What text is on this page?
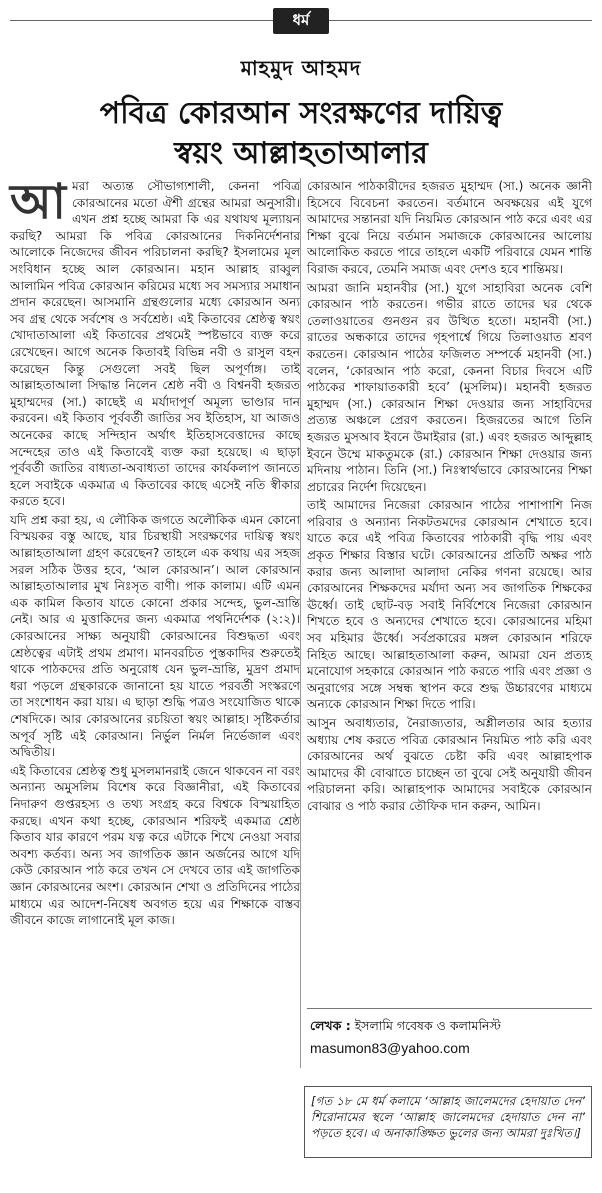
ধর্ম
মাহমুদ আহমদ
পবিত্র কোরআন সংরক্ষণের দায়িত্ব
স্বয়ং আল্লাহতাআলার

আ মরা অত্যন্ত সৌভাগ্যশালী, কেননা পবিত্র কোরআনের মতো ঐশী গ্রন্থের আমরা অনুসারী। এখন প্রশ্ন হচ্ছে আমরা কি এর যথাযথ মূল্যায়ন করছি? আমরা কি পবিত্র কোরআনের দিকনির্দেশনার আলোকে নিজেদের জীবন পরিচালনা করছি? ইসলামের মূল সংবিধান হচ্ছে আল কোরআন। মহান আল্লাহ রাব্বুল আলামিন পবিত্র কোরআন করিমের মধ্যে সব সমস্যার সমাধান প্রদান করেছেন। আসমানি গ্রন্থগুলোর মধ্যে কোরআন অন্য সব গ্রন্থ থেকে সর্বশেষ ও সর্বশ্রেষ্ঠ। এই কিতাবের শ্রেষ্ঠত্ব স্বয়ং খোদাতাআলা এই কিতাবের প্রথমেই স্পষ্টভাবে ব্যক্ত করে রেখেছেন। আগে অনেক কিতাবই বিভিন্ন নবী ও রাসুল বহন করেছেন কিন্তু সেগুলো সবই ছিল অপূর্ণাঙ্গ। তাই আল্লাহতাআলা সিদ্ধান্ত নিলেন শ্রেষ্ঠ নবী ও বিশ্বনবী হজরত মুহাম্মদের (সা.) কাছেই এ মর্যাদাপূর্ণ অমূল্য ভাণ্ডার দান করবেন। এই কিতাব পূর্ববর্তী জাতির সব ইতিহাস, যা আজও অনেকের কাছে সন্দিহান অর্থাৎ ইতিহাসবেত্তাদের কাছে সন্দেহের তাও এই কিতাবেই ব্যক্ত করা হয়েছে। এ ছাড়া পূর্ববর্তী জাতির বাধ্যতা-অবাধ্যতা তাদের কার্যকলাপ জানতে হলে সবাইকে একমাত্র এ কিতাবের কাছে এসেই নতি স্বীকার করতে হবে।

যদি প্রশ্ন করা হয়, এ লৌকিক জগতে অলৌকিক এমন কোনো বিস্ময়কর বস্তু আছে, যার চিরস্থায়ী সংরক্ষণের দায়িত্ব স্বয়ং আল্লাহতাআলা গ্রহণ করেছেন? তাহলে এক কথায় এর সহজ সরল সঠিক উত্তর হবে, ‘আল কোরআন’। আল কোরআন আল্লাহতাআলার মুখ নিঃসৃত বাণী। পাক কালাম। এটি এমন এক কামিল কিতাব যাতে কোনো প্রকার সন্দেহ, ভুল-ভ্রান্তি নেই। আর এ মুত্তাকিদের জন্য একমাত্র পথনির্দেশক (২:২)। কোরআনের সাক্ষ্য অনুযায়ী কোরআনের বিশুদ্ধতা এবং শ্রেষ্ঠত্বের এটাই প্রথম প্রমাণ। মানবরচিত পুস্তকাদির শুরুতেই থাকে পাঠকদের প্রতি অনুরোধ যেন ভুল-ভ্রান্তি, মুদ্রণ প্রমাদ ধরা পড়লে গ্রন্থকারকে জানানো হয় যাতে পরবর্তী সংস্করণে তা সংশোধন করা যায়। এ ছাড়া শুদ্ধি পত্রও সংযোজিত থাকে শেষদিকে। আর কোরআনের রচয়িতা স্বয়ং আল্লাহ। সৃষ্টিকর্তার অপূর্ব সৃষ্টি এই কোরআন। নির্ভুল নির্মল নির্ভেজাল এবং অদ্বিতীয়।

এই কিতাবের শ্রেষ্ঠত্ব শুধু মুসলমানরাই জেনে থাকবেন না বরং অন্যান্য অমুসলিম বিশেষ করে বিজ্ঞানীরা, এই কিতাবের নিদারুণ গুপ্তরহস্য ও তথ্য সংগ্রহ করে বিশ্বকে বিস্ময়াহিত করছে। এখন কথা হচ্ছে, কোরআন শরিফই একমাত্র শ্রেষ্ঠ কিতাব যার কারণে পরম যত্ন করে এটাকে শিখে নেওয়া সবার অবশ্য কর্তব্য। অন্য সব জাগতিক জ্ঞান অর্জনের আগে যদি কেউ কোরআন পাঠ করে তখন সে দেখবে তার এই জাগতিক জ্ঞান কোরআনের অংশ। কোরআন শেখা ও প্রতিদিনের পাঠের মাধ্যমে এর আদেশ-নিষেধ অবগত হয়ে এর শিক্ষাকে বাস্তব জীবনে কাজে লাগানোই মূল কাজ।

কোরআন পাঠকারীদের হজরত মুহাম্মদ (সা.) অনেক জ্ঞানী হিসেবে বিবেচনা করতেন। বর্তমানে অবক্ষয়ের এই যুগে আমাদের সন্তানরা যদি নিয়মিত কোরআন পাঠ করে এবং এর শিক্ষা বুঝে নিয়ে বর্তমান সমাজকে কোরআনের আলোয় আলোকিত করতে পারে তাহলে একটি পরিবারে যেমন শান্তি বিরাজ করবে, তেমনি সমাজ এবং দেশও হবে শান্তিময়।

আমরা জানি মহানবীর (সা.) যুগে সাহাবিরা অনেক বেশি কোরআন পাঠ করতেন। গভীর রাতে তাদের ঘর থেকে তেলাওয়াতের গুনগুন রব উত্থিত হতো। মহানবী (সা.) রাতের অন্ধকারে তাদের গৃহপার্শ্বে গিয়ে তিলাওয়াত শ্রবণ করতেন। কোরআন পাঠের ফজিলত সম্পর্কে মহানবী (সা.) বলেন, ‘কোরআন পাঠ করো, কেননা বিচার দিবসে এটি পাঠকের শাফায়াতকারী হবে’ (মুসলিম)। মহানবী হজরত মুহাম্মদ (সা.) কোরআন শিক্ষা দেওয়ার জন্য সাহাবিদের প্রত্যন্ত অঞ্চলে প্রেরণ করতেন। হিজরতের আগে তিনি হজরত মুসআব ইবনে উমাইরার (রা.) এবং হজরত আব্দুল্লাহ ইবনে উম্মে মাকতুমকে (রা.) কোরআন শিক্ষা দেওয়ার জন্য মদিনায় পাঠান। তিনি (সা.) নিঃস্বার্থভাবে কোরআনের শিক্ষা প্রচারের নির্দেশ দিয়েছেন।

তাই আমাদের নিজেরা কোরআন পাঠের পাশাপাশি নিজ পরিবার ও অন্যান্য নিকটতমদের কোরআন শেখাতে হবে। যাতে করে এই পবিত্র কিতাবের পাঠকারী বৃদ্ধি পায় এবং প্রকৃত শিক্ষার বিস্তার ঘটে। কোরআনের প্রতিটি অক্ষর পাঠ করার জন্য আলাদা আলাদা নেকির গণনা রয়েছে। আর কোরআনের শিক্ষকদের মর্যাদা অন্য সব জাগতিক শিক্ষকের ঊর্ধ্বে। তাই ছোট-বড় সবাই নির্বিশেষে নিজেরা কোরআন শিখতে হবে ও অন্যদের শেখাতে হবে। কোরআনের মহিমা সব মহিমার ঊর্ধ্বে। সর্বপ্রকারের মঙ্গল কোরআন শরিফে নিহিত আছে। আল্লাহতাআলা করুন, আমরা যেন প্রত্যহ মনোযোগ সহকারে কোরআন পাঠ করতে পারি এবং প্রজ্ঞা ও অনুরাগের সঙ্গে সম্বন্ধ স্থাপন করে শুদ্ধ উচ্চারণের মাধ্যমে অন্যকে কোরআন শিক্ষা দিতে পারি।

আসুন অবাধ্যতার, নৈরাজ্যতার, অশ্লীলতার আর হত্যার অধ্যায় শেষ করতে পবিত্র কোরআন নিয়মিত পাঠ করি এবং কোরআনের অর্থ বুঝতে চেষ্টা করি এবং আল্লাহপাক আমাদের কী বোঝাতে চাচ্ছেন তা বুঝে সেই অনুযায়ী জীবন পরিচালনা করি। আল্লাহপাক আমাদের সবাইকে কোরআন বোঝার ও পাঠ করার তৌফিক দান করুন, আমিন।

লেখক : ইসলামি গবেষক ও কলামনিস্ট
masumon83@yahoo.com
[গত ১৮ মে ধর্ম কলামে ‘আল্লাহ জালেমদের হেদায়াত দেন’ শিরোনামের স্থলে ‘আল্লাহ জালেমদের হেদায়াত দেন না’ পড়তে হবে। এ অনাকাঙ্ক্ষিত ভুলের জন্য আমরা দুঃখিত।]
